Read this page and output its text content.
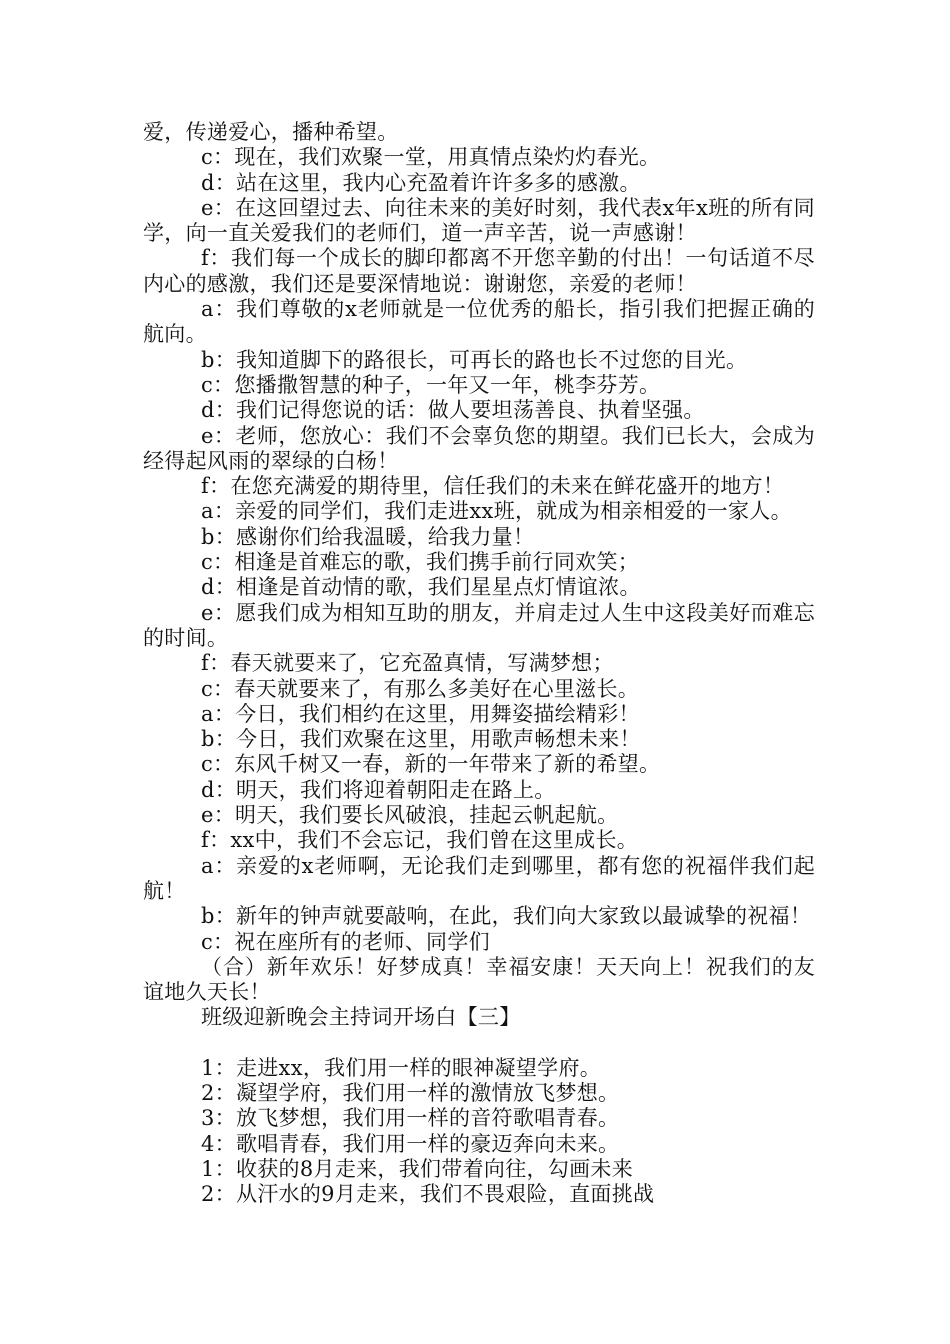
爱，传递爱心，播种希望。

c：现在，我们欢聚一堂，用真情点染灼灼春光。

d：站在这里，我内心充盈着许许多多的感激。

e：在这回望过去、向往未来的美好时刻，我代表x年x班的所有同学，向一直关爱我们的老师们，道一声辛苦，说一声感谢！

f：我们每一个成长的脚印都离不开您辛勤的付出！一句话道不尽内心的感激，我们还是要深情地说：谢谢您，亲爱的老师！

a：我们尊敬的x老师就是一位优秀的船长，指引我们把握正确的航向。

b：我知道脚下的路很长，可再长的路也长不过您的目光。

c：您播撒智慧的种子，一年又一年，桃李芬芳。

d：我们记得您说的话：做人要坦荡善良、执着坚强。

e：老师，您放心：我们不会辜负您的期望。我们已长大，会成为经得起风雨的翠绿的白杨！

f：在您充满爱的期待里，信任我们的未来在鲜花盛开的地方！

a：亲爱的同学们，我们走进xx班，就成为相亲相爱的一家人。

b：感谢你们给我温暖，给我力量！

c：相逢是首难忘的歌，我们携手前行同欢笑；

d：相逢是首动情的歌，我们星星点灯情谊浓。

e：愿我们成为相知互助的朋友，并肩走过人生中这段美好而难忘的时间。

f：春天就要来了，它充盈真情，写满梦想；

c：春天就要来了，有那么多美好在心里滋长。

a：今日，我们相约在这里，用舞姿描绘精彩！

b：今日，我们欢聚在这里，用歌声畅想未来！

c：东风千树又一春，新的一年带来了新的希望。

d：明天，我们将迎着朝阳走在路上。

e：明天，我们要长风破浪，挂起云帆起航。

f：xx中，我们不会忘记，我们曾在这里成长。

a：亲爱的x老师啊，无论我们走到哪里，都有您的祝福伴我们起航！

b：新年的钟声就要敲响，在此，我们向大家致以最诚挚的祝福！

c：祝在座所有的老师、同学们

（合）新年欢乐！好梦成真！幸福安康！天天向上！祝我们的友谊地久天长！

班级迎新晚会主持词开场白【三】

1：走进xx，我们用一样的眼神凝望学府。

2：凝望学府，我们用一样的激情放飞梦想。

3：放飞梦想，我们用一样的音符歌唱青春。

4：歌唱青春，我们用一样的豪迈奔向未来。

1：收获的8月走来，我们带着向往，勾画未来

2：从汗水的9月走来，我们不畏艰险，直面挑战
